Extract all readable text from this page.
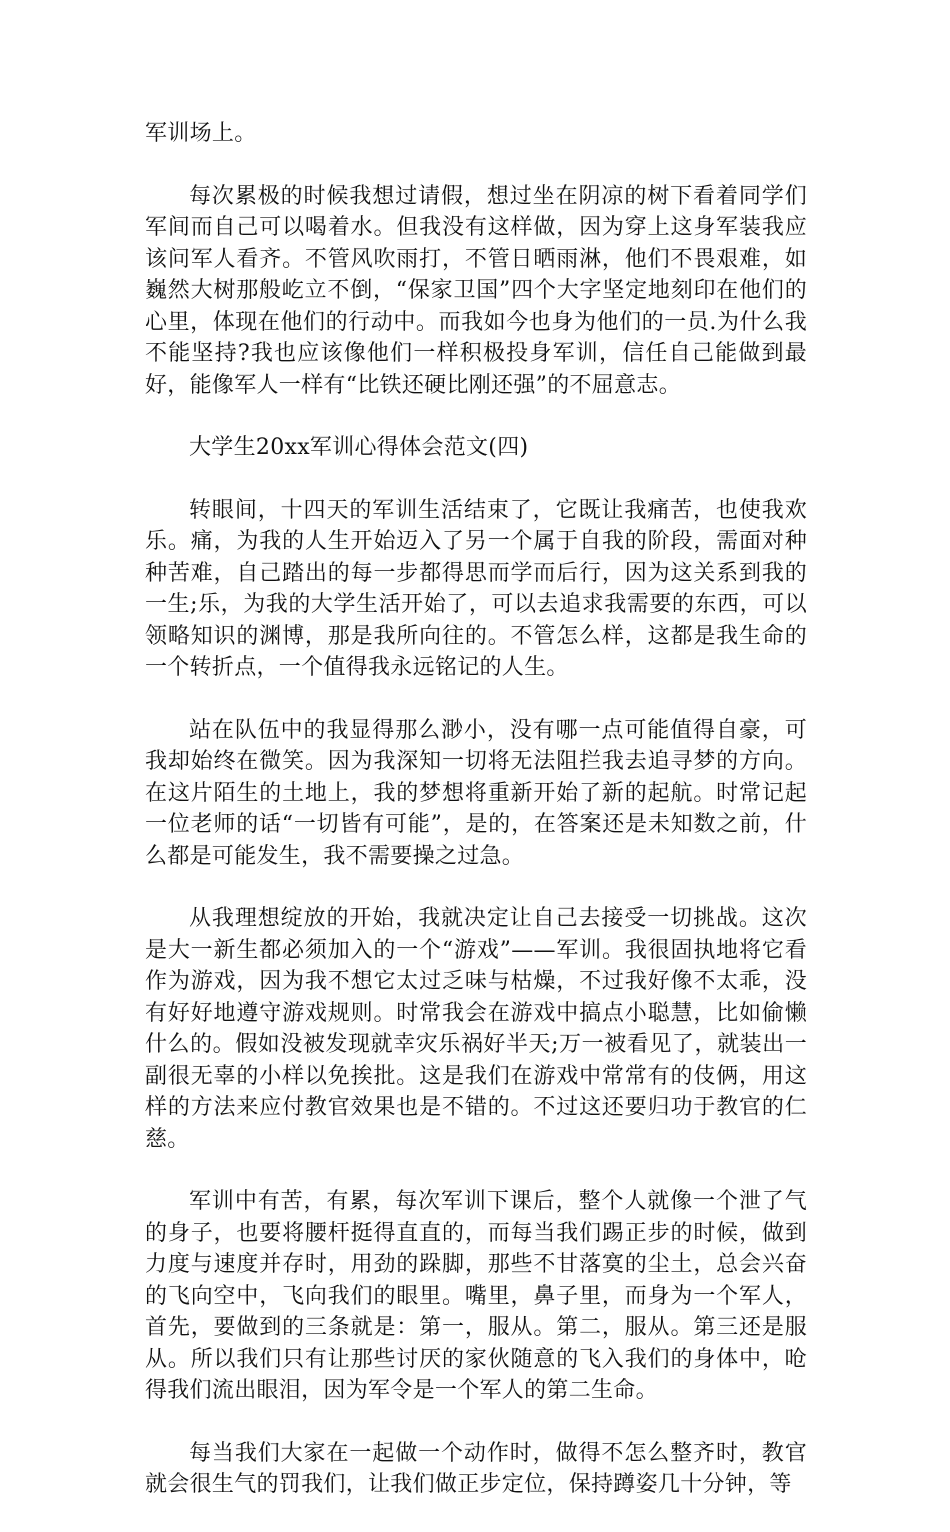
军训场上。

每次累极的时候我想过请假，想过坐在阴凉的树下看着同学们军间而自己可以喝着水。但我没有这样做，因为穿上这身军装我应该问军人看齐。不管风吹雨打，不管日晒雨淋，他们不畏艰难，如巍然大树那般屹立不倒，“保家卫国”四个大字坚定地刻印在他们的心里，体现在他们的行动中。而我如今也身为他们的一员.为什么我不能坚持?我也应该像他们一样积极投身军训，信任自己能做到最好，能像军人一样有“比铁还硬比刚还强”的不屈意志。

大学生20xx军训心得体会范文(四)

转眼间，十四天的军训生活结束了，它既让我痛苦，也使我欢乐。痛，为我的人生开始迈入了另一个属于自我的阶段，需面对种种苦难，自己踏出的每一步都得思而学而后行，因为这关系到我的一生;乐，为我的大学生活开始了，可以去追求我需要的东西，可以领略知识的渊博，那是我所向往的。不管怎么样，这都是我生命的一个转折点，一个值得我永远铭记的人生。

站在队伍中的我显得那么渺小，没有哪一点可能值得自豪，可我却始终在微笑。因为我深知一切将无法阻拦我去追寻梦的方向。在这片陌生的土地上，我的梦想将重新开始了新的起航。时常记起一位老师的话“一切皆有可能”，是的，在答案还是未知数之前，什么都是可能发生，我不需要操之过急。

从我理想绽放的开始，我就决定让自己去接受一切挑战。这次是大一新生都必须加入的一个“游戏”——军训。我很固执地将它看作为游戏，因为我不想它太过乏味与枯燥，不过我好像不太乖，没有好好地遵守游戏规则。时常我会在游戏中搞点小聪慧，比如偷懒什么的。假如没被发现就幸灾乐祸好半天;万一被看见了，就装出一副很无辜的小样以免挨批。这是我们在游戏中常常有的伎俩，用这样的方法来应付教官效果也是不错的。不过这还要归功于教官的仁慈。

军训中有苦，有累，每次军训下课后，整个人就像一个泄了气的身子，也要将腰杆挺得直直的，而每当我们踢正步的时候，做到力度与速度并存时，用劲的跺脚，那些不甘落寞的尘土，总会兴奋的飞向空中，飞向我们的眼里。嘴里，鼻子里，而身为一个军人，首先，要做到的三条就是：第一，服从。第二，服从。第三还是服从。所以我们只有让那些讨厌的家伙随意的飞入我们的身体中，呛得我们流出眼泪，因为军令是一个军人的第二生命。

每当我们大家在一起做一个动作时，做得不怎么整齐时，教官就会很生气的罚我们，让我们做正步定位，保持蹲姿几十分钟，等
